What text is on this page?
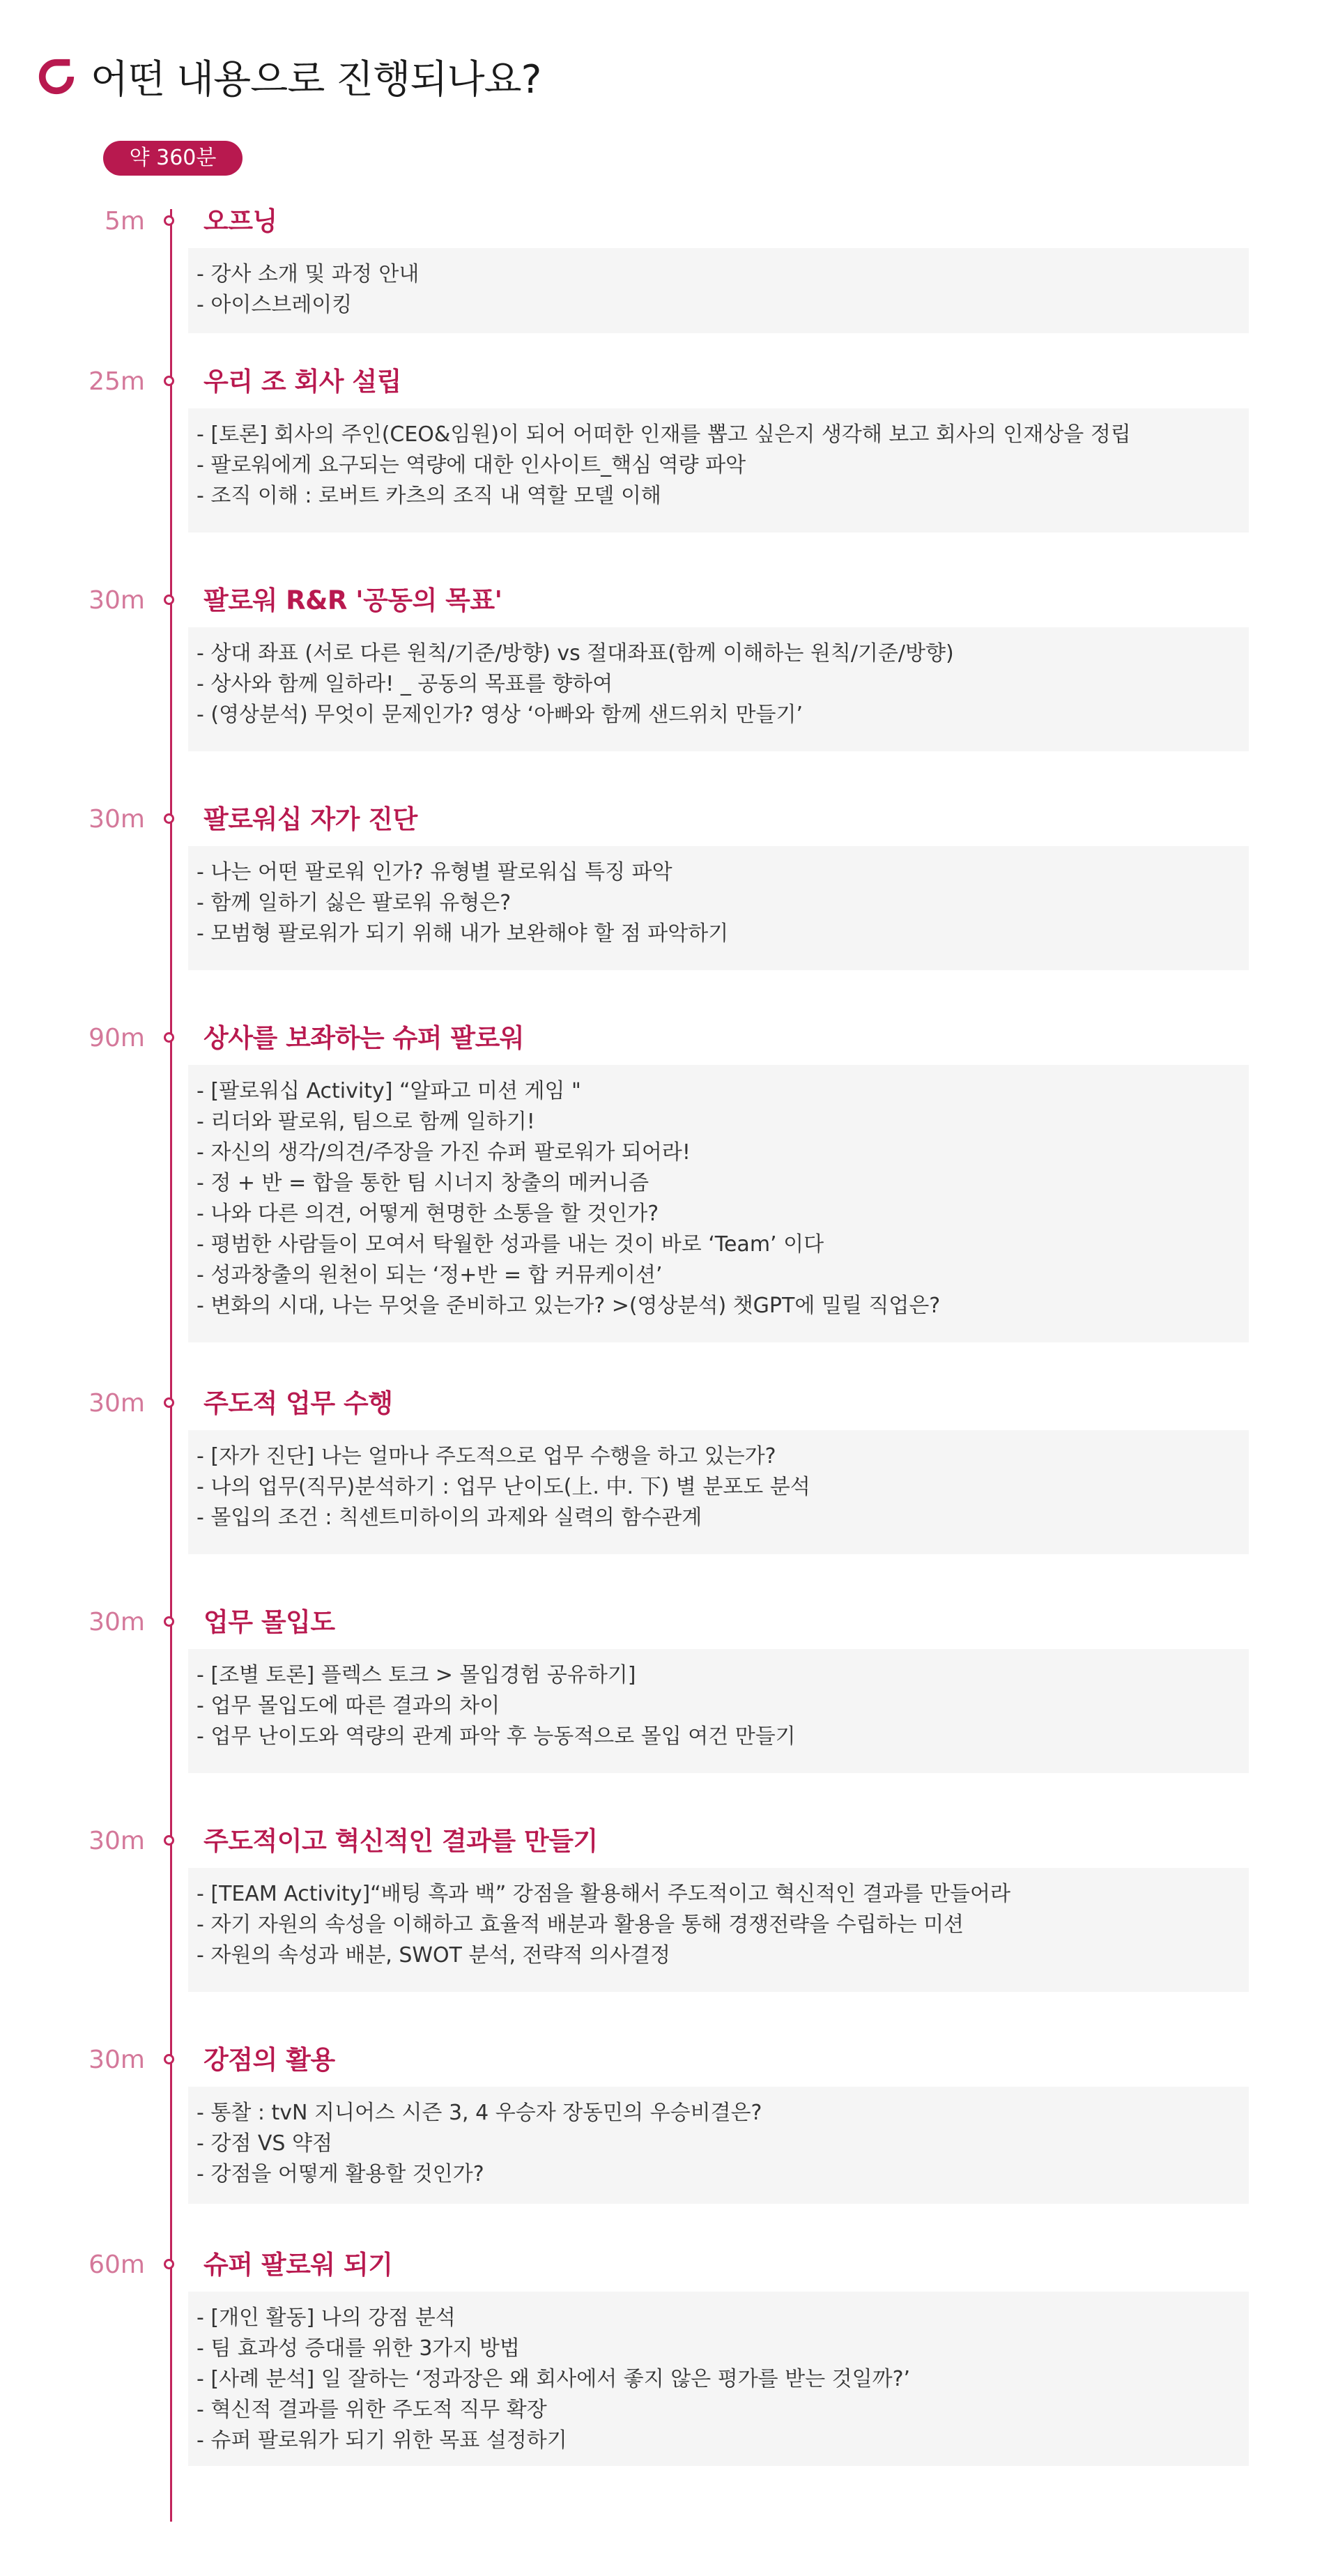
어떤 내용으로 진행되나요?
약 360분
5m 오프닝
- 강사 소개 및 과정 안내
- 아이스브레이킹
25m 우리 조 회사 설립
- [토론] 회사의 주인(CEO&임원)이 되어 어떠한 인재를 뽑고 싶은지 생각해 보고 회사의 인재상을 정립
- 팔로워에게 요구되는 역량에 대한 인사이트_핵심 역량 파악
- 조직 이해 : 로버트 카츠의 조직 내 역할 모델 이해
30m 팔로워 R&R '공동의 목표'
- 상대 좌표 (서로 다른 원칙/기준/방향) vs 절대좌표(함께 이해하는 원칙/기준/방향)
- 상사와 함께 일하라! _ 공동의 목표를 향하여
- (영상분석) 무엇이 문제인가? 영상 ‘아빠와 함께 샌드위치 만들기’
30m 팔로워십 자가 진단
- 나는 어떤 팔로워 인가? 유형별 팔로워십 특징 파악
- 함께 일하기 싫은 팔로워 유형은?
- 모범형 팔로워가 되기 위해 내가 보완해야 할 점 파악하기
90m 상사를 보좌하는 슈퍼 팔로워
- [팔로워십 Activity] “알파고 미션 게임 "
- 리더와 팔로워, 팀으로 함께 일하기!
- 자신의 생각/의견/주장을 가진 슈퍼 팔로워가 되어라!
- 정 + 반 = 합을 통한 팀 시너지 창출의 메커니즘
- 나와 다른 의견, 어떻게 현명한 소통을 할 것인가?
- 평범한 사람들이 모여서 탁월한 성과를 내는 것이 바로 ‘Team’ 이다
- 성과창출의 원천이 되는 ‘정+반 = 합 커뮤케이션’
- 변화의 시대, 나는 무엇을 준비하고 있는가? >(영상분석) 챗GPT에 밀릴 직업은?
30m 주도적 업무 수행
- [자가 진단] 나는 얼마나 주도적으로 업무 수행을 하고 있는가?
- 나의 업무(직무)분석하기 : 업무 난이도(上. 中. 下) 별 분포도 분석
- 몰입의 조건 : 칙센트미하이의 과제와 실력의 함수관계
30m 업무 몰입도
- [조별 토론] 플렉스 토크 > 몰입경험 공유하기]
- 업무 몰입도에 따른 결과의 차이
- 업무 난이도와 역량의 관계 파악 후 능동적으로 몰입 여건 만들기
30m 주도적이고 혁신적인 결과를 만들기
- [TEAM Activity]“배팅 흑과 백” 강점을 활용해서 주도적이고 혁신적인 결과를 만들어라
- 자기 자원의 속성을 이해하고 효율적 배분과 활용을 통해 경쟁전략을 수립하는 미션
- 자원의 속성과 배분, SWOT 분석, 전략적 의사결정
30m 강점의 활용
- 통찰 : tvN 지니어스 시즌 3, 4 우승자 장동민의 우승비결은?
- 강점 VS 약점
- 강점을 어떻게 활용할 것인가?
60m 슈퍼 팔로워 되기
- [개인 활동] 나의 강점 분석
- 팀 효과성 증대를 위한 3가지 방법
- [사례 분석] 일 잘하는 ‘정과장은 왜 회사에서 좋지 않은 평가를 받는 것일까?’
- 혁신적 결과를 위한 주도적 직무 확장
- 슈퍼 팔로워가 되기 위한 목표 설정하기
